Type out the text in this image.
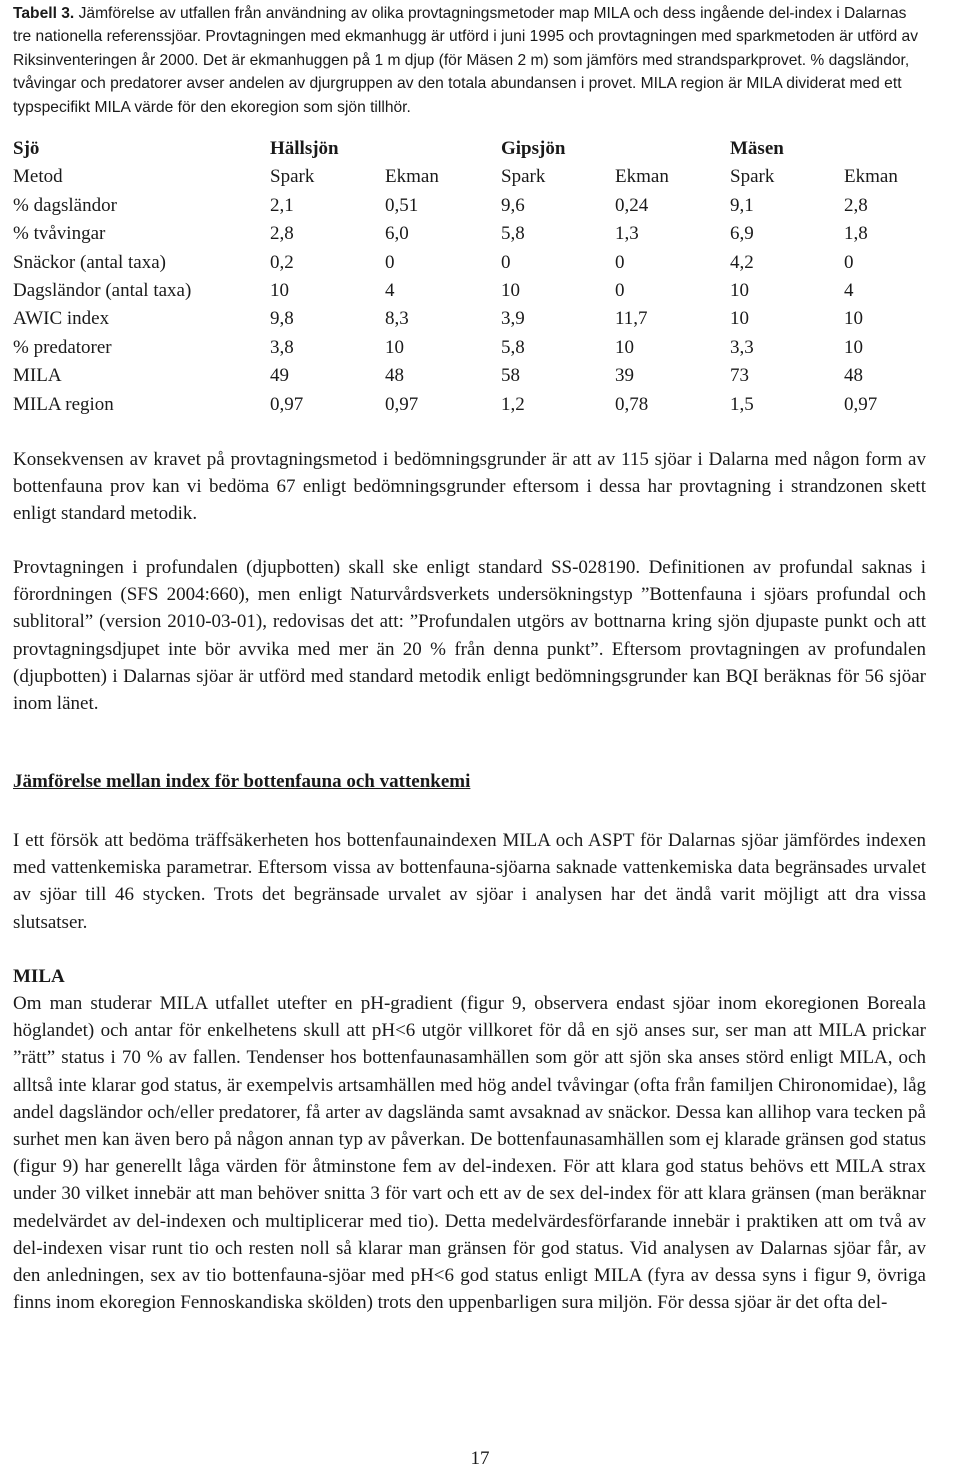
Tabell 3. Jämförelse av utfallen från användning av olika provtagningsmetoder map MILA och dess ingående del-index i Dalarnas tre nationella referenssjöar. Provtagningen med ekmanhugg är utförd i juni 1995 och provtagningen med sparkmetoden är utförd av Riksinventeringen år 2000. Det är ekmanhuggen på 1 m djup (för Mäsen 2 m) som jämförs med strandsparkprovet. % dagsländor, tvåvingar och predatorer avser andelen av djurgruppen av den totala abundansen i provet. MILA region är MILA dividerat med ett typspecifikt MILA värde för den ekoregion som sjön tillhör.
Sjö	Hällsjön		Gipsjön		Mäsen	
Metod	Spark	Ekman	Spark	Ekman	Spark	Ekman
% dagsländor	2,1	0,51	9,6	0,24	9,1	2,8
% tvåvingar	2,8	6,0	5,8	1,3	6,9	1,8
Snäckor (antal taxa)	0,2	0	0	0	4,2	0
Dagsländor (antal taxa)	10	4	10	0	10	4
AWIC index	9,8	8,3	3,9	11,7	10	10
% predatorer	3,8	10	5,8	10	3,3	10
MILA	49	48	58	39	73	48
MILA region	0,97	0,97	1,2	0,78	1,5	0,97

Konsekvensen av kravet på provtagningsmetod i bedömningsgrunder är att av 115 sjöar i Dalarna med någon form av bottenfauna prov kan vi bedöma 67 enligt bedömningsgrunder eftersom i dessa har provtagning i strandzonen skett enligt standard metodik.

Provtagningen i profundalen (djupbotten) skall ske enligt standard SS-028190. Definitionen av profundal saknas i förordningen (SFS 2004:660), men enligt Naturvårdsverkets undersökningstyp ”Bottenfauna i sjöars profundal och sublitoral” (version 2010-03-01), redovisas det att: ”Profundalen utgörs av bottnarna kring sjön djupaste punkt och att provtagningsdjupet inte bör avvika med mer än 20 % från denna punkt”. Eftersom provtagningen av profundalen (djupbotten) i Dalarnas sjöar är utförd med standard metodik enligt bedömningsgrunder kan BQI beräknas för 56 sjöar inom länet.

Jämförelse mellan index för bottenfauna och vattenkemi

I ett försök att bedöma träffsäkerheten hos bottenfaunaindexen MILA och ASPT för Dalarnas sjöar jämfördes indexen med vattenkemiska parametrar. Eftersom vissa av bottenfauna-sjöarna saknade vattenkemiska data begränsades urvalet av sjöar till 46 stycken. Trots det begränsade urvalet av sjöar i analysen har det ändå varit möjligt att dra vissa slutsatser.

MILA

Om man studerar MILA utfallet utefter en pH-gradient (figur 9, observera endast sjöar inom ekoregionen Boreala höglandet) och antar för enkelhetens skull att pH<6 utgör villkoret för då en sjö anses sur, ser man att MILA prickar ”rätt” status i 70 % av fallen. Tendenser hos bottenfaunasamhällen som gör att sjön ska anses störd enligt MILA, och alltså inte klarar god status, är exempelvis artsamhällen med hög andel tvåvingar (ofta från familjen Chironomidae), låg andel dagsländor och/eller predatorer, få arter av dagslända samt avsaknad av snäckor. Dessa kan allihop vara tecken på surhet men kan även bero på någon annan typ av påverkan. De bottenfaunasamhällen som ej klarade gränsen god status (figur 9) har generellt låga värden för åtminstone fem av del-indexen. För att klara god status behövs ett MILA strax under 30 vilket innebär att man behöver snitta 3 för vart och ett av de sex del-index för att klara gränsen (man beräknar medelvärdet av del-indexen och multiplicerar med tio). Detta medelvärdesförfarande innebär i praktiken att om två av del-indexen visar runt tio och resten noll så klarar man gränsen för god status. Vid analysen av Dalarnas sjöar får, av den anledningen, sex av tio bottenfauna-sjöar med pH<6 god status enligt MILA (fyra av dessa syns i figur 9, övriga finns inom ekoregion Fennoskandiska skölden) trots den uppenbarligen sura miljön. För dessa sjöar är det ofta del-

17
